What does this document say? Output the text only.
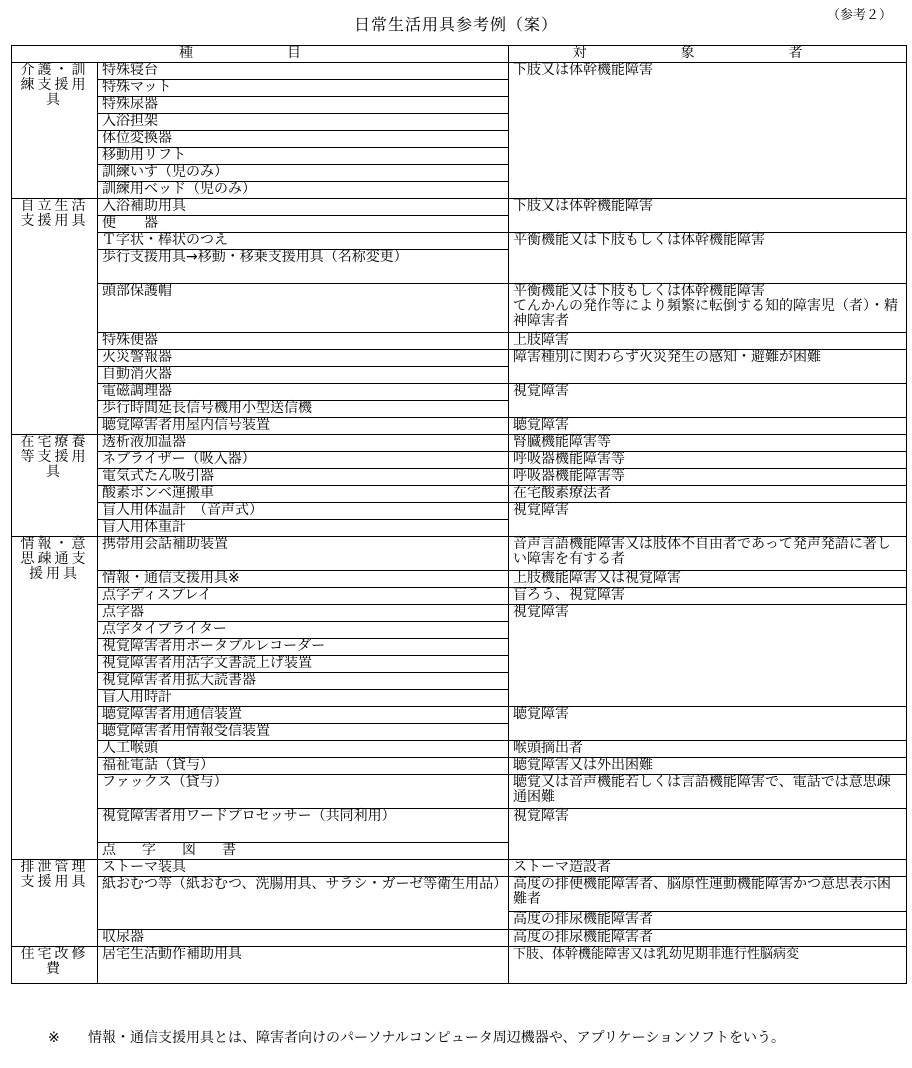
日常生活用具参考例（案）	（参考２）
種　目		対　象　者
介護・訓練支援用具	特殊寝台	下肢又は体幹機能障害
	特殊マット	
	特殊尿器	
	入浴担架	
	体位変換器	
	移動用リフト	
	訓練いす（児のみ）	
	訓練用ベッド（児のみ）	
自立生活支援用具	入浴補助用具	下肢又は体幹機能障害
	便　　器	
	Ｔ字状・棒状のつえ	平衡機能又は下肢もしくは体幹機能障害
	歩行支援用具→移動・移乗支援用具（名称変更）	
	頭部保護帽	平衡機能又は下肢もしくは体幹機能障害
てんかんの発作等により頻繁に転倒する知的障害児（者）・精神障害者
	特殊便器	上肢障害
	火災警報器	障害種別に関わらず火災発生の感知・避難が困難
	自動消火器	
	電磁調理器	視覚障害
	歩行時間延長信号機用小型送信機	
	聴覚障害者用屋内信号装置	聴覚障害
在宅療養等支援用具	透析液加温器	腎臓機能障害等
	ネブライザー（吸入器）	呼吸器機能障害等
	電気式たん吸引器	呼吸器機能障害等
	酸素ボンベ運搬車	在宅酸素療法者
	盲人用体温計　（音声式）	視覚障害
	盲人用体重計	
情報・意思疎通支援用具	携帯用会話補助装置	音声言語機能障害又は肢体不自由者であって発声発語に著しい障害を有する者
	情報・通信支援用具※	上肢機能障害又は視覚障害
	点字ディスプレイ	盲ろう、視覚障害
	点字器	視覚障害
	点字タイプライター	
	視覚障害者用ポータブルレコーダー	
	視覚障害者用活字文書読上げ装置	
	視覚障害者用拡大読書器	
	盲人用時計	
	聴覚障害者用通信装置	聴覚障害
	聴覚障害者用情報受信装置	
	人工喉頭	喉頭摘出者
	福祉電話（貸与）	聴覚障害又は外出困難
	ファックス（貸与）	聴覚又は音声機能若しくは言語機能障害で、電話では意思疎通困難
	視覚障害者用ワードプロセッサー（共同利用）	視覚障害
	点　字　図　書	
排泄管理支援用具	ストーマ装具	ストーマ造設者
	紙おむつ等（紙おむつ、洗腸用具、サラシ・ガーゼ等衛生用品）	高度の排便機能障害者、脳原性運動機能障害かつ意思表示困難者
		高度の排尿機能障害者
	収尿器	高度の排尿機能障害者
住宅改修費	居宅生活動作補助用具	下肢、体幹機能障害又は乳幼児期非進行性脳病変
※ 情報・通信支援用具とは、障害者向けのパーソナルコンピュータ周辺機器や、アプリケーションソフトをいう。
